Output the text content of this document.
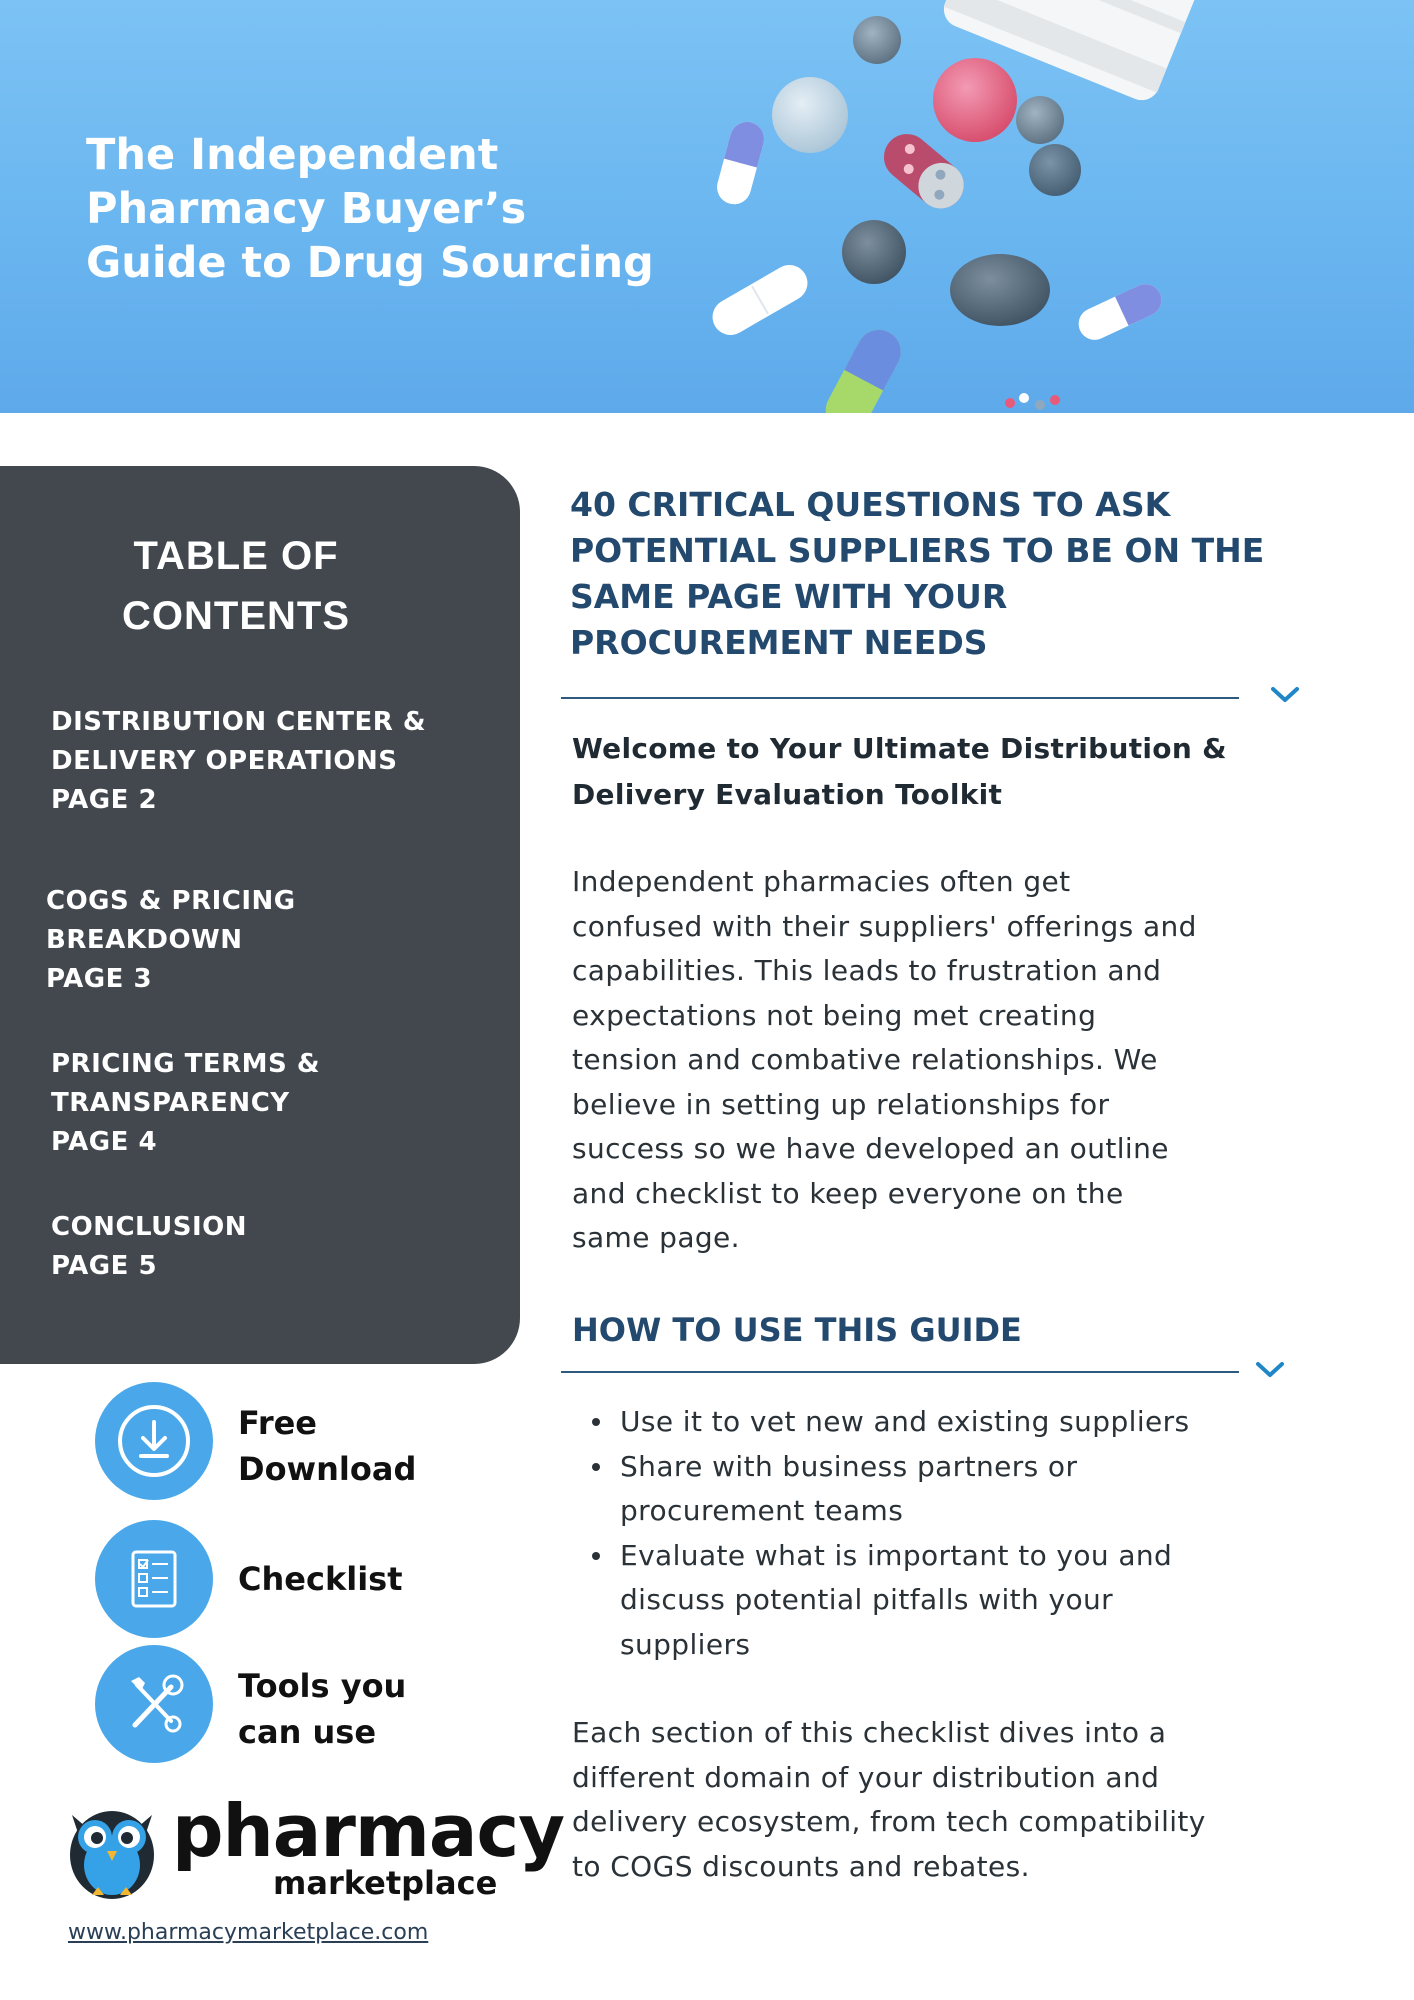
The Independent
Pharmacy Buyer’s
Guide to Drug Sourcing
TABLE OF
CONTENTS
DISTRIBUTION CENTER &
DELIVERY OPERATIONS
PAGE 2
COGS & PRICING
BREAKDOWN
PAGE 3
PRICING TERMS &
TRANSPARENCY
PAGE 4
CONCLUSION
PAGE 5
Free
Download
Checklist
Tools you
can use
pharmacy
marketplace
www.pharmacymarketplace.com
40 CRITICAL QUESTIONS TO ASK
POTENTIAL SUPPLIERS TO BE ON THE
SAME PAGE WITH YOUR
PROCUREMENT NEEDS
Welcome to Your Ultimate Distribution &
Delivery Evaluation Toolkit
Independent pharmacies often get
confused with their suppliers' offerings and
capabilities. This leads to frustration and
expectations not being met creating
tension and combative relationships. We
believe in setting up relationships for
success so we have developed an outline
and checklist to keep everyone on the
same page.
HOW TO USE THIS GUIDE
Use it to vet new and existing suppliers
Share with business partners or
procurement teams
Evaluate what is important to you and
discuss potential pitfalls with your
suppliers
Each section of this checklist dives into a
different domain of your distribution and
delivery ecosystem, from tech compatibility
to COGS discounts and rebates.
